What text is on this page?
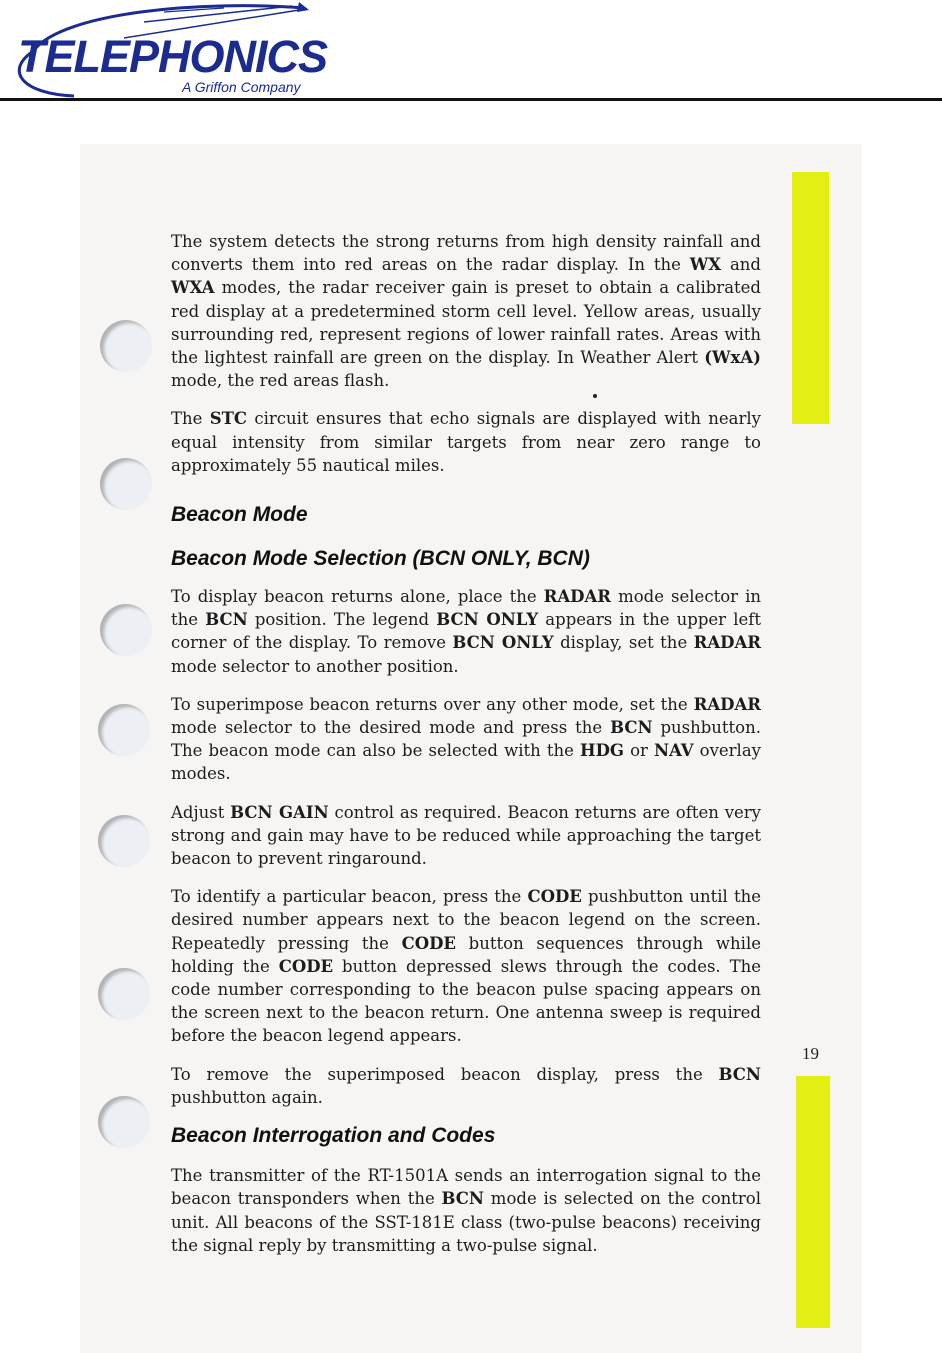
TELEPHONICS
A Griffon Company
19

The system detects the strong returns from high density rainfall and converts them into red areas on the radar display. In the WX and WXA modes, the radar receiver gain is preset to obtain a calibrated red display at a predetermined storm cell level. Yellow areas, usually surrounding red, represent regions of lower rainfall rates. Areas with the lightest rainfall are green on the display. In Weather Alert (WxA) mode, the red areas flash.

The STC circuit ensures that echo signals are displayed with nearly equal intensity from similar targets from near zero range to approximately 55 nautical miles.

Beacon Mode
Beacon Mode Selection (BCN ONLY, BCN)

To display beacon returns alone, place the RADAR mode selector in the BCN position. The legend BCN ONLY appears in the upper left corner of the display. To remove BCN ONLY display, set the RADAR mode selector to another position.

To superimpose beacon returns over any other mode, set the RADAR mode selector to the desired mode and press the BCN pushbutton. The beacon mode can also be selected with the HDG or NAV overlay modes.

Adjust BCN GAIN control as required. Beacon returns are often very strong and gain may have to be reduced while approaching the target beacon to prevent ringaround.

To identify a particular beacon, press the CODE pushbutton until the desired number appears next to the beacon legend on the screen. Repeatedly pressing the CODE button sequences through while holding the CODE button depressed slews through the codes. The code number corresponding to the beacon pulse spacing appears on the screen next to the beacon return. One antenna sweep is required before the beacon legend appears.

To remove the superimposed beacon display, press the BCN pushbutton again.

Beacon Interrogation and Codes

The transmitter of the RT-1501A sends an interrogation signal to the beacon transponders when the BCN mode is selected on the control unit. All beacons of the SST-181E class (two-pulse beacons) receiving the signal reply by transmitting a two-pulse signal.
